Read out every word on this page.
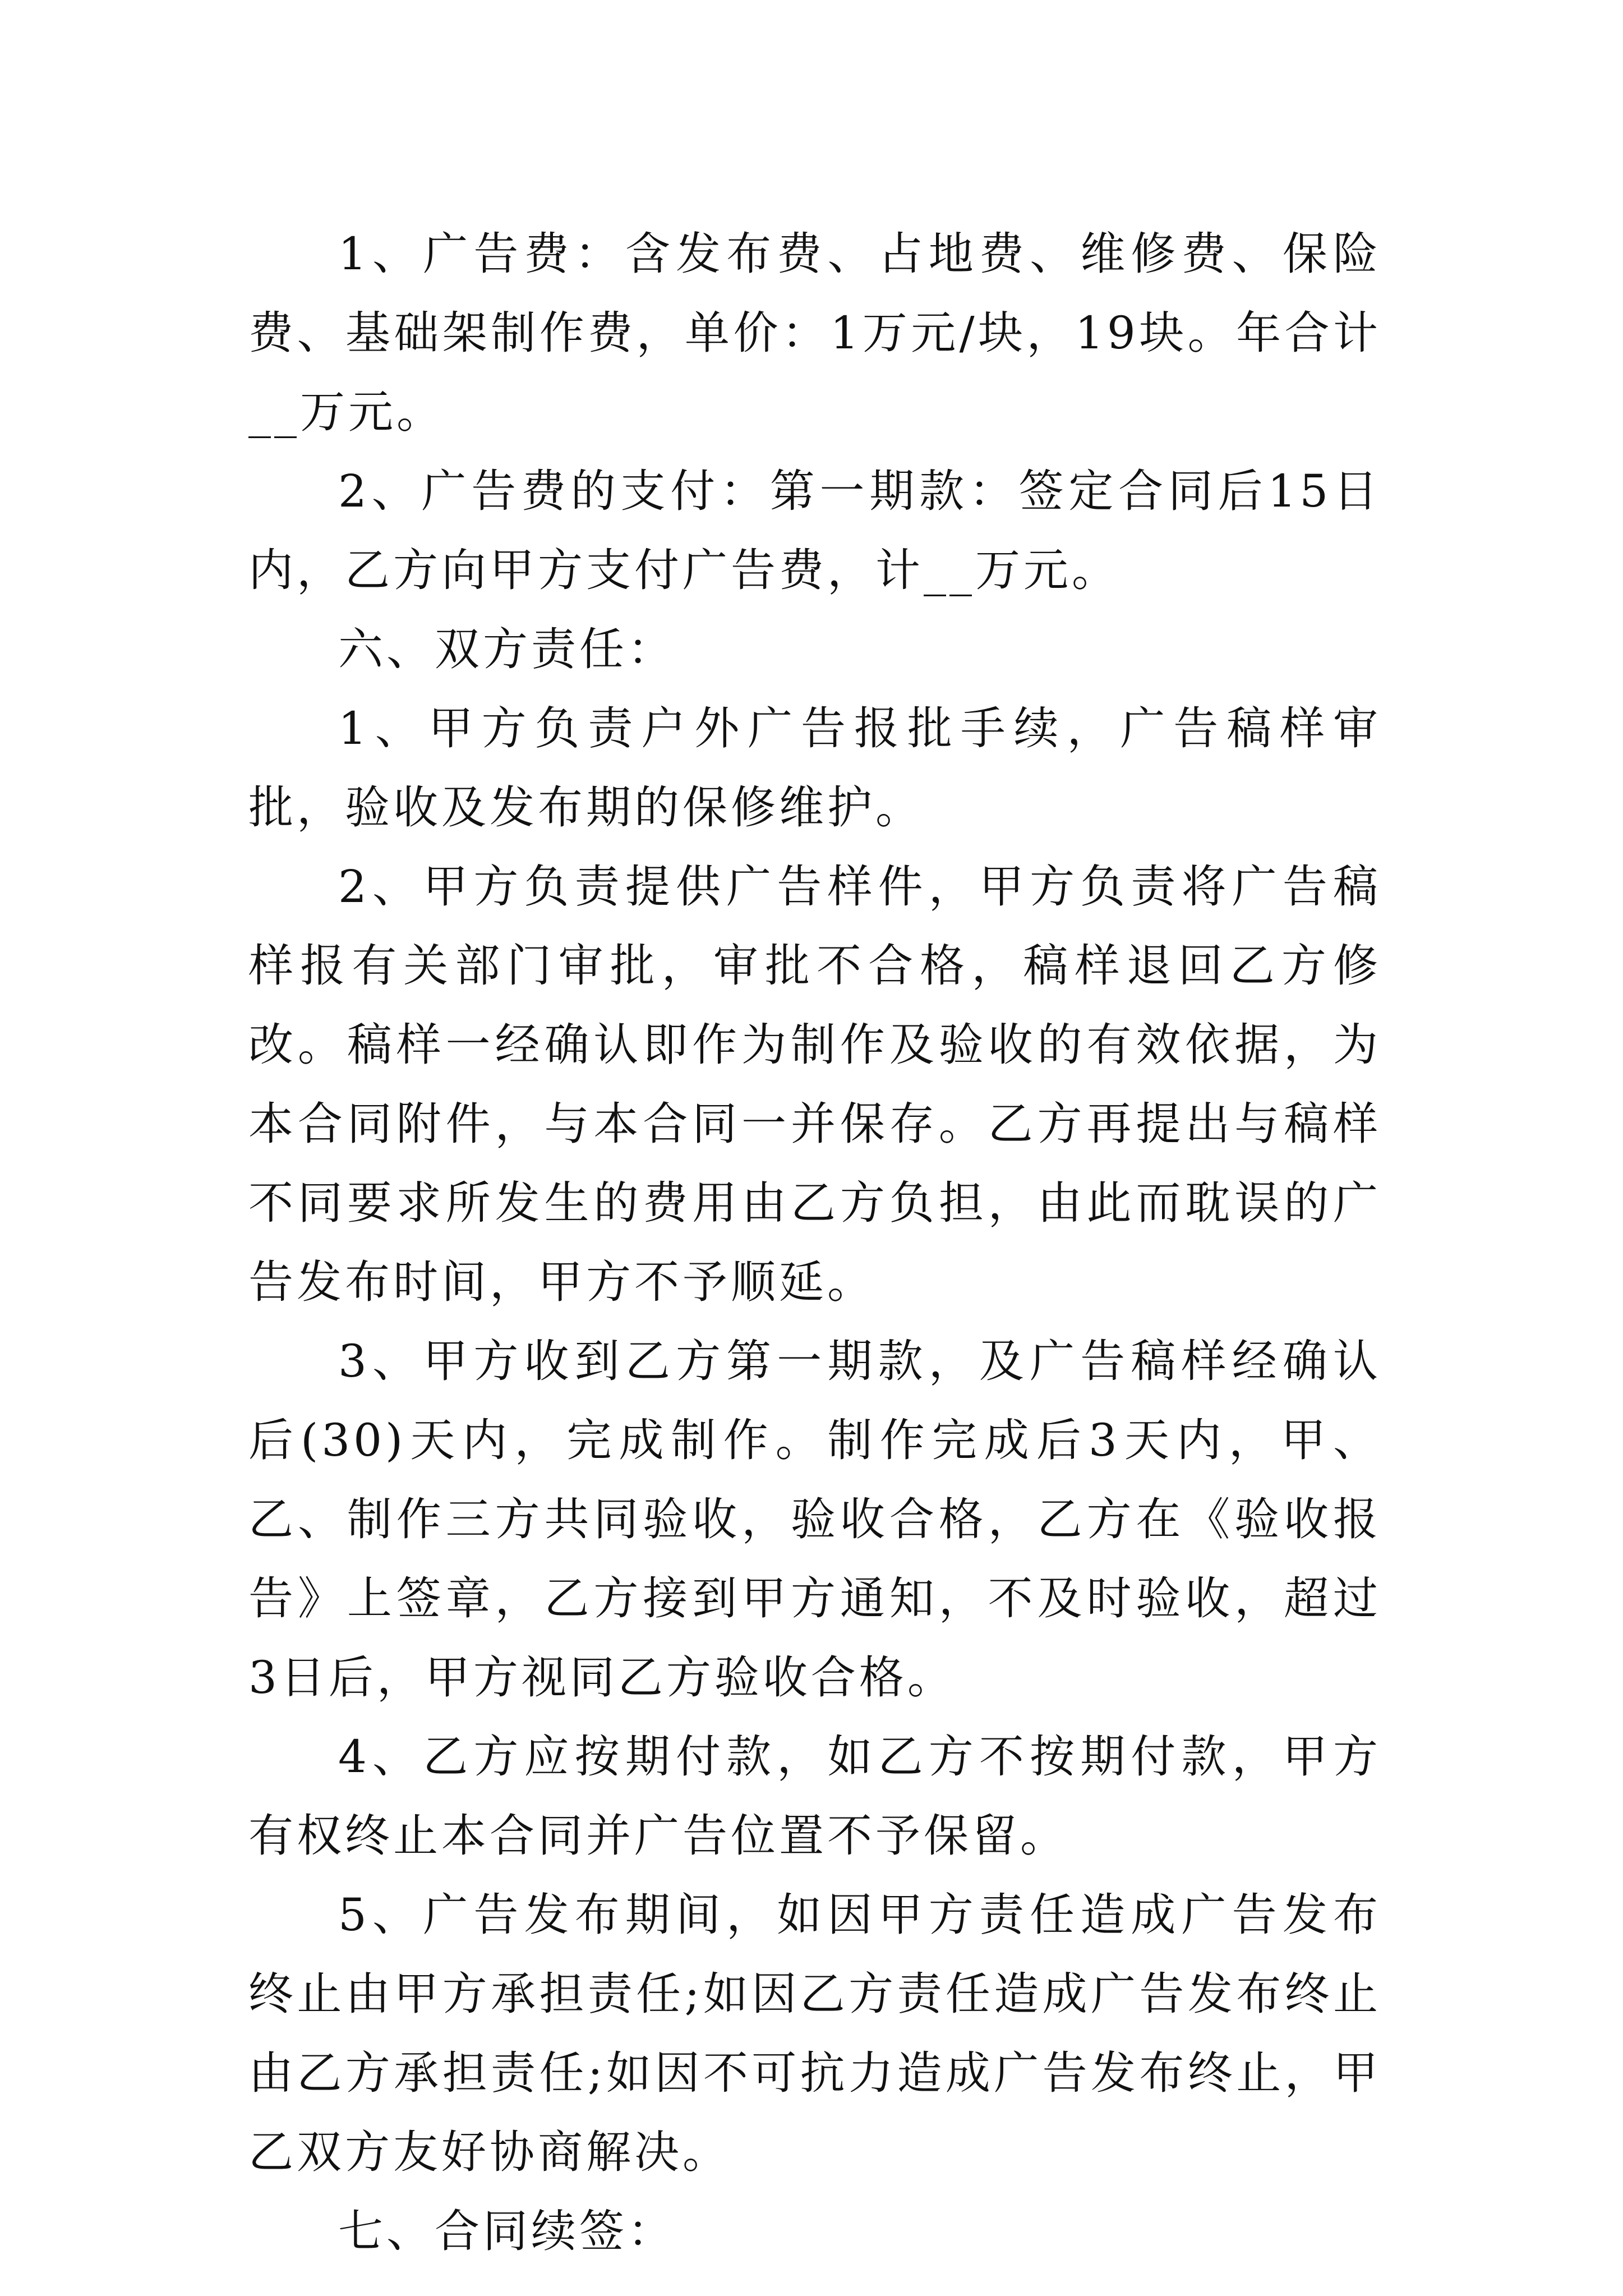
1、广告费：含发布费、占地费、维修费、保险费、基础架制作费，单价：1万元/块，19块。年合计__万元。

2、广告费的支付：第一期款：签定合同后15日内，乙方向甲方支付广告费，计__万元。

六、双方责任：

1、甲方负责户外广告报批手续，广告稿样审批，验收及发布期的保修维护。

2、甲方负责提供广告样件，甲方负责将广告稿样报有关部门审批，审批不合格，稿样退回乙方修改。稿样一经确认即作为制作及验收的有效依据，为本合同附件，与本合同一并保存。乙方再提出与稿样不同要求所发生的费用由乙方负担，由此而耽误的广告发布时间，甲方不予顺延。

3、甲方收到乙方第一期款，及广告稿样经确认后(30)天内，完成制作。制作完成后3天内，甲、乙、制作三方共同验收，验收合格，乙方在《验收报告》上签章，乙方接到甲方通知，不及时验收，超过3日后，甲方视同乙方验收合格。

4、乙方应按期付款，如乙方不按期付款，甲方有权终止本合同并广告位置不予保留。

5、广告发布期间，如因甲方责任造成广告发布终止由甲方承担责任;如因乙方责任造成广告发布终止由乙方承担责任;如因不可抗力造成广告发布终止，甲乙双方友好协商解决。

七、合同续签：
